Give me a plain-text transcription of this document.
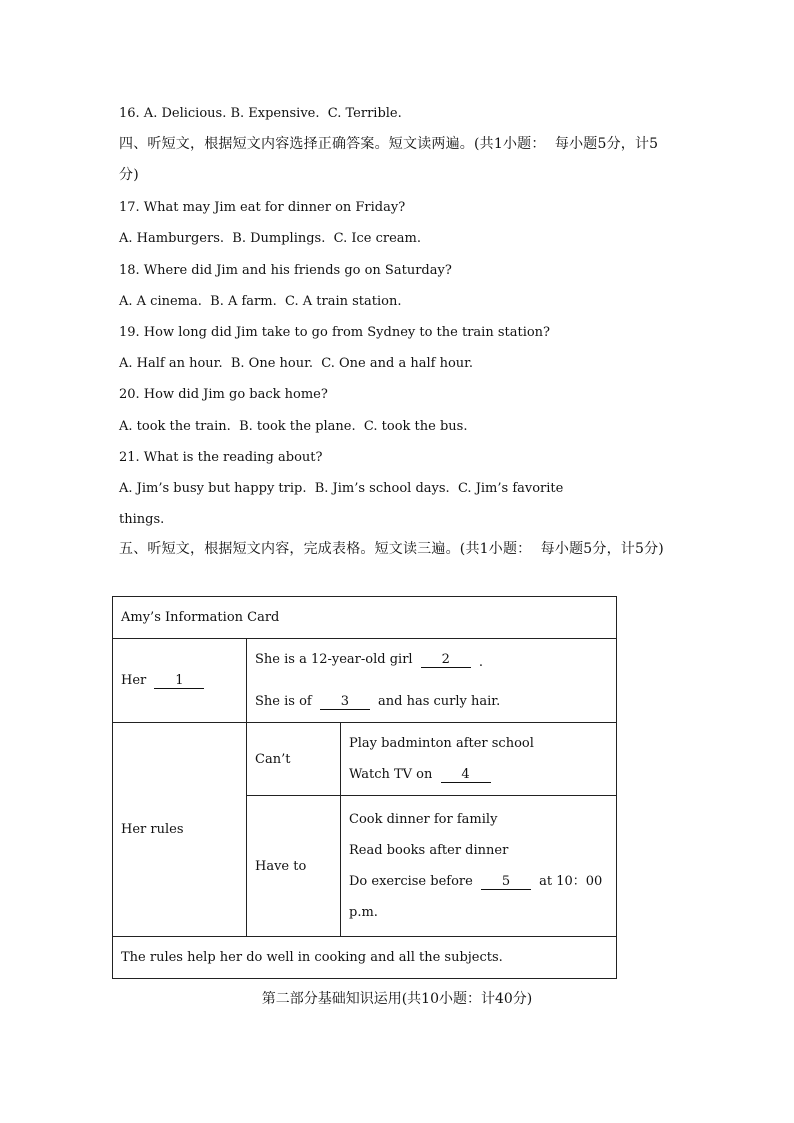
16. A. Delicious. B. Expensive.  C. Terrible.
四、听短文，根据短文内容选择正确答案。短文读两遍。(共1小题：  每小题5分，计5
分)
17. What may Jim eat for dinner on Friday?
A. Hamburgers.  B. Dumplings.  C. Ice cream.
18. Where did Jim and his friends go on Saturday?
A. A cinema.  B. A farm.  C. A train station.
19. How long did Jim take to go from Sydney to the train station?
A. Half an hour.  B. One hour.  C. One and a half hour.
20. How did Jim go back home?
A. took the train.  B. took the plane.  C. took the bus.
21. What is the reading about?
A. Jim’s busy but happy trip.  B. Jim’s school days.  C. Jim’s favorite
things.
五、听短文，根据短文内容，完成表格。短文读三遍。(共1小题：  每小题5分，计5分)
Amy’s Information Card		
Her 1	She is a 12-year-old girl 2 .
She is of 3 and has curly hair.	

Her rules	Can’t	Play badminton after school
Watch TV on 4

	Have to	Cook dinner for family
Read books after dinner
Do exercise before 5 at 10：00
p.m.

The rules help her do well in cooking and all the subjects.		
第二部分基础知识运用(共10小题：计40分)
